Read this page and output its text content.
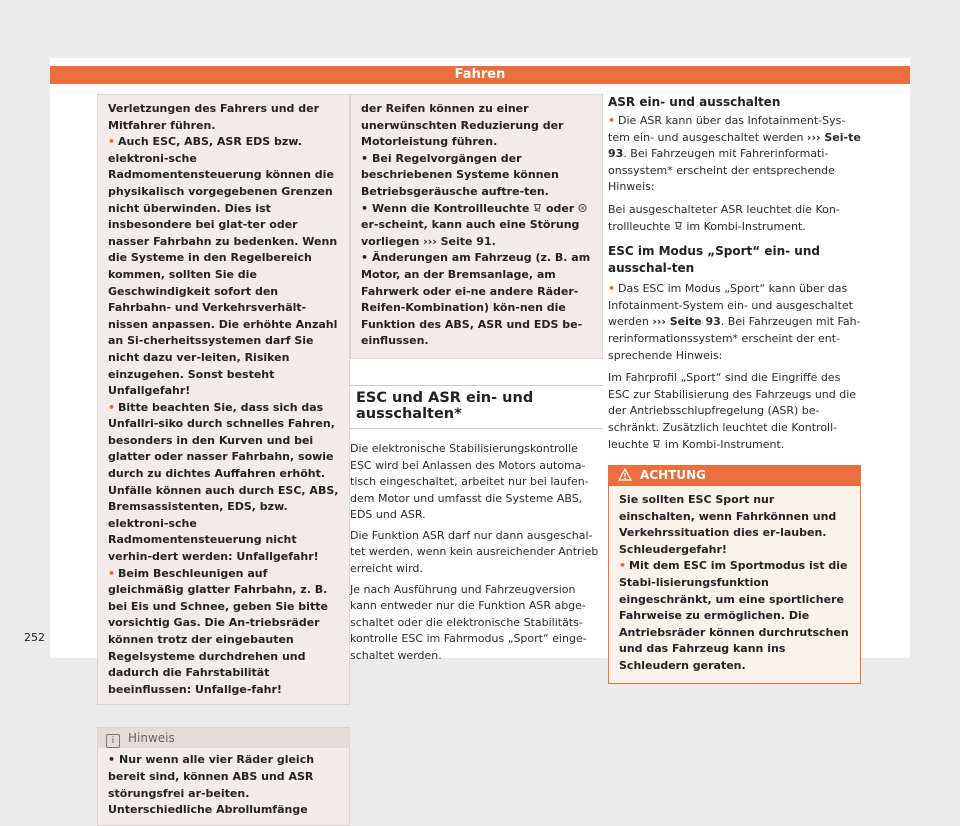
Fahren

Verletzungen des Fahrers und der Mitfahrer führen.

• Auch ESC, ABS, ASR EDS bzw. elektroni-sche Radmomentensteuerung können die physikalisch vorgegebenen Grenzen nicht überwinden. Dies ist insbesondere bei glat-ter oder nasser Fahrbahn zu bedenken. Wenn die Systeme in den Regelbereich kommen, sollten Sie die Geschwindigkeit sofort den Fahrbahn- und Verkehrsverhält-nissen anpassen. Die erhöhte Anzahl an Si-cherheitssystemen darf Sie nicht dazu ver-leiten, Risiken einzugehen. Sonst besteht Unfallgefahr!

• Bitte beachten Sie, dass sich das Unfallri-siko durch schnelles Fahren, besonders in den Kurven und bei glatter oder nasser Fahrbahn, sowie durch zu dichtes Auffahren erhöht. Unfälle können auch durch ESC, ABS, Bremsassistenten, EDS, bzw. elektroni-sche Radmomentensteuerung nicht verhin-dert werden: Unfallgefahr!

• Beim Beschleunigen auf gleichmäßig glatter Fahrbahn, z. B. bei Eis und Schnee, geben Sie bitte vorsichtig Gas. Die An-triebsräder können trotz der eingebauten Regelsysteme durchdrehen und dadurch die Fahrstabilität beeinflussen: Unfallge-fahr!

i Hinweis

• Nur wenn alle vier Räder gleich bereit sind, können ABS und ASR störungsfrei ar-beiten. Unterschiedliche Abrollumfänge

der Reifen können zu einer unerwünschten Reduzierung der Motorleistung führen.

• Bei Regelvorgängen der beschriebenen Systeme können Betriebsgeräusche auftre-ten.

• Wenn die Kontrollleuchte oder  er-scheint, kann auch eine Störung vorliegen ››› Seite 91.

• Änderungen am Fahrzeug (z. B. am Motor, an der Bremsanlage, am Fahrwerk oder ei-ne andere Räder-Reifen-Kombination) kön-nen die Funktion des ABS, ASR und EDS be-einflussen.

ESC und ASR ein- und ausschalten*

Die elektronische Stabilisierungskontrolle ESC wird bei Anlassen des Motors automa-tisch eingeschaltet, arbeitet nur bei laufen-dem Motor und umfasst die Systeme ABS, EDS und ASR.

Die Funktion ASR darf nur dann ausgeschal-tet werden, wenn kein ausreichender Antrieb erreicht wird.

Je nach Ausführung und Fahrzeugversion kann entweder nur die Funktion ASR abge-schaltet oder die elektronische Stabilitäts-kontrolle ESC im Fahrmodus „Sport“ einge-schaltet werden.

ASR ein- und ausschalten

• Die ASR kann über das Infotainment-Sys-tem ein- und ausgeschaltet werden ››› Sei-te 93. Bei Fahrzeugen mit Fahrerinformati-onssystem* erscheint der entsprechende Hinweis:

Bei ausgeschalteter ASR leuchtet die Kon-trollleuchte im Kombi-Instrument.

ESC im Modus „Sport“ ein- und ausschal-ten

• Das ESC im Modus „Sport“ kann über das Infotainment-System ein- und ausgeschaltet werden ››› Seite 93. Bei Fahrzeugen mit Fah-rerinformationssystem* erscheint der ent-sprechende Hinweis:

Im Fahrprofil „Sport“ sind die Eingriffe des ESC zur Stabilisierung des Fahrzeugs und die der Antriebsschlupfregelung (ASR) be-schränkt. Zusätzlich leuchtet die Kontroll-leuchte im Kombi-Instrument.

ACHTUNG

Sie sollten ESC Sport nur einschalten, wenn Fahrkönnen und Verkehrssituation dies er-lauben. Schleudergefahr!

• Mit dem ESC im Sportmodus ist die Stabi-lisierungsfunktion eingeschränkt, um eine sportlichere Fahrweise zu ermöglichen. Die Antriebsräder können durchrutschen und das Fahrzeug kann ins Schleudern geraten.

252
